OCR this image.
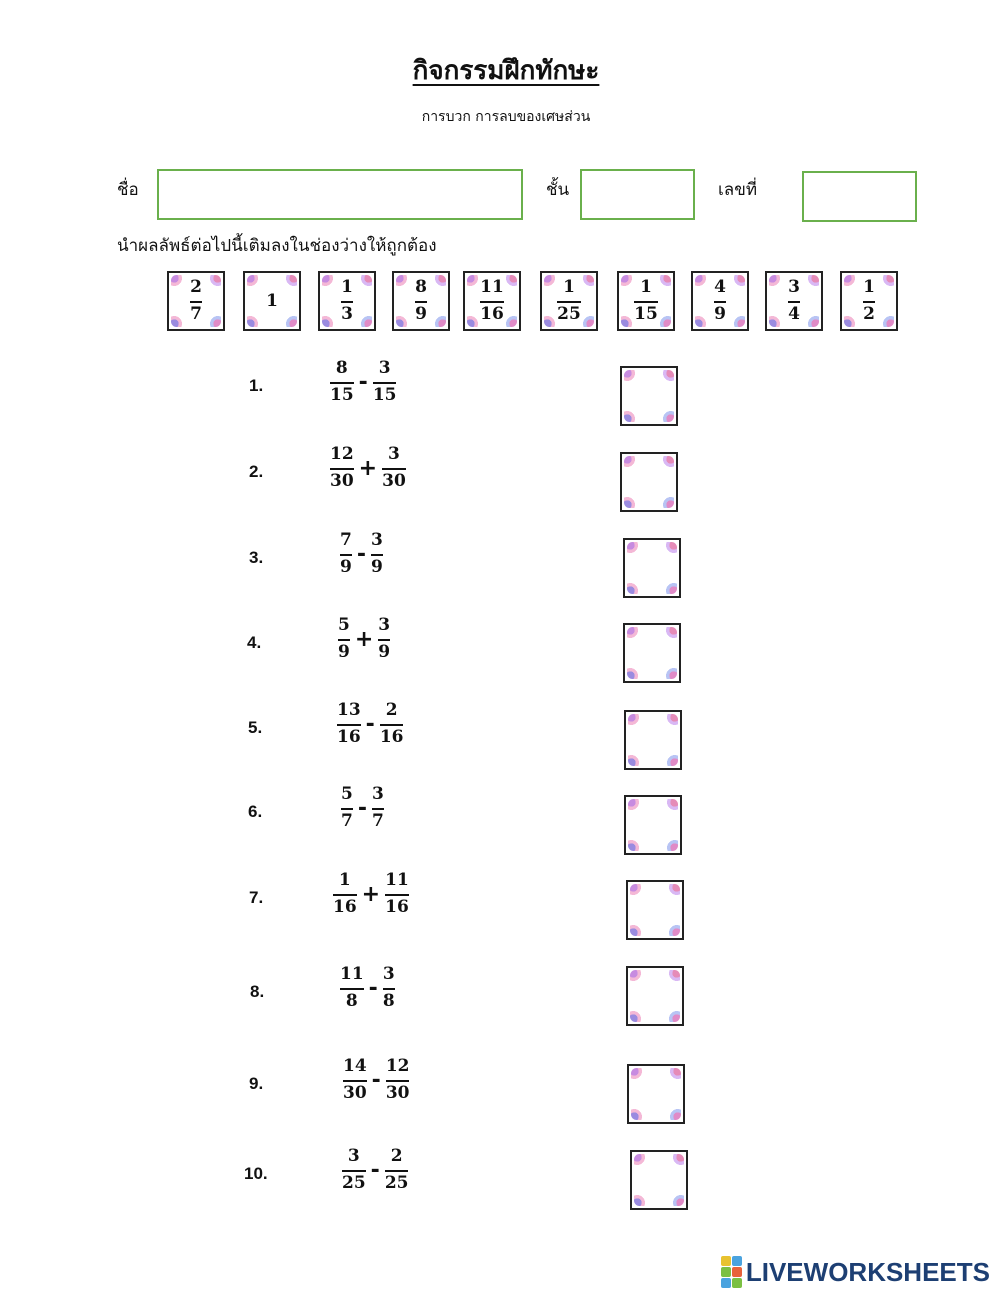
กิจกรรมฝึกทักษะ
การบวก การลบของเศษส่วน
ชื่อ	ชั้น	เลขที่
นำผลลัพธ์ต่อไปนี้เติมลงในช่องว่างให้ถูกต้อง
$\frac{2}{7}$	1	$\frac{1}{3}$	$\frac{8}{9}$	$\frac{11}{16}$	$\frac{1}{25}$	$\frac{1}{15}$	$\frac{4}{9}$	$\frac{3}{4}$	$\frac{1}{2}$
1.	$\frac{8}{15} - \frac{3}{15}$
2.	$\frac{12}{30} + \frac{3}{30}$
3.	$\frac{7}{9} - \frac{3}{9}$
4.	$\frac{5}{9} + \frac{3}{9}$
5.	$\frac{13}{16} - \frac{2}{16}$
6.	$\frac{5}{7} - \frac{3}{7}$
7.	$\frac{1}{16} + \frac{11}{16}$
8.	$\frac{11}{8} - \frac{3}{8}$
9.	$\frac{14}{30} - \frac{12}{30}$
10.	$\frac{3}{25} - \frac{2}{25}$
LIVEWORKSHEETS
